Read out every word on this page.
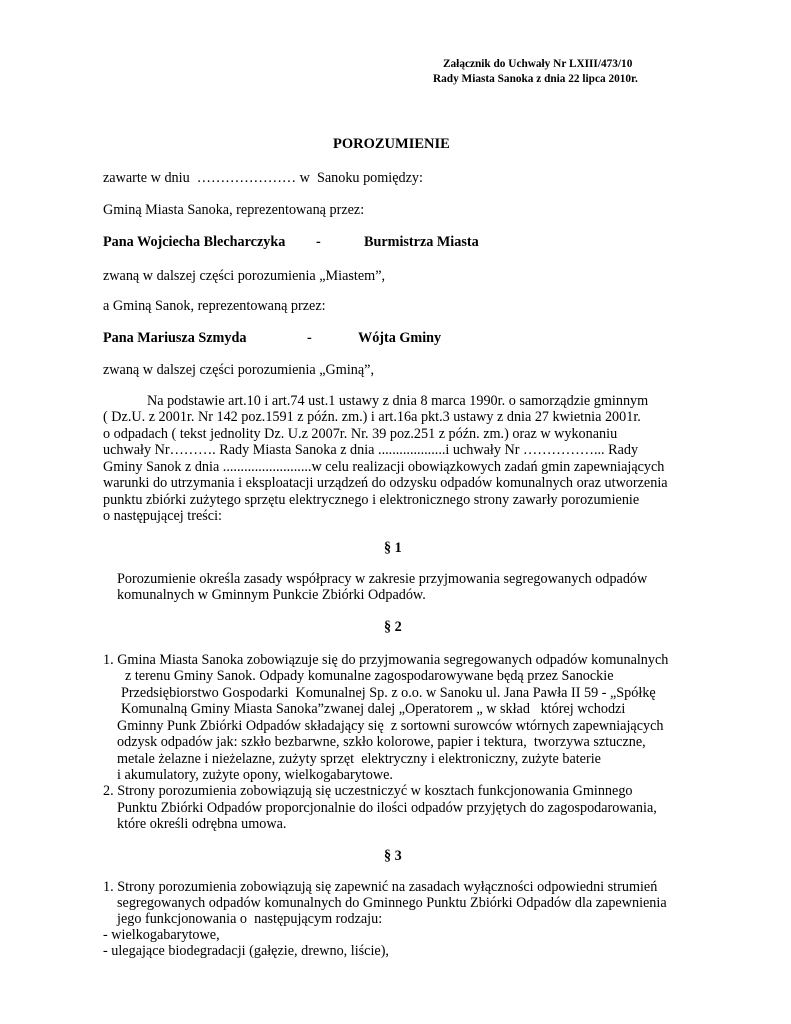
Załącznik do Uchwały Nr LXIII/473/10
Rady Miasta Sanoka z dnia 22 lipca 2010r.
POROZUMIENIE
zawarte w dniu  ………………… w  Sanoku pomiędzy:
Gminą Miasta Sanoka, reprezentowaną przez:
Pana Wojciecha Blecharczyka -	Burmistrza Miasta
zwaną w dalszej części porozumienia „Miastem”,
a Gminą Sanok, reprezentowaną przez:
Pana Mariusza Szmyda	-	Wójta Gminy
zwaną w dalszej części porozumienia „Gminą”,
Na podstawie art.10 i art.74 ust.1 ustawy z dnia 8 marca 1990r. o samorządzie gminnym
( Dz.U. z 2001r. Nr 142 poz.1591 z późn. zm.) i art.16a pkt.3 ustawy z dnia 27 kwietnia 2001r.
o odpadach ( tekst jednolity Dz. U.z 2007r. Nr. 39 poz.251 z późn. zm.) oraz w wykonaniu
uchwały Nr………. Rady Miasta Sanoka z dnia ...................i uchwały Nr ……………... Rady
Gminy Sanok z dnia .........................w celu realizacji obowiązkowych zadań gmin zapewniających
warunki do utrzymania i eksploatacji urządzeń do odzysku odpadów komunalnych oraz utworzenia
punktu zbiórki zużytego sprzętu elektrycznego i elektronicznego strony zawarły porozumienie
o następującej treści:
§ 1
Porozumienie określa zasady współpracy w zakresie przyjmowania segregowanych odpadów
komunalnych w Gminnym Punkcie Zbiórki Odpadów.
§ 2
1. Gmina Miasta Sanoka zobowiązuje się do przyjmowania segregowanych odpadów komunalnych
z terenu Gminy Sanok. Odpady komunalne zagospodarowywane będą przez Sanockie
Przedsiębiorstwo Gospodarki  Komunalnej Sp. z o.o. w Sanoku ul. Jana Pawła II 59 - „Spółkę
Komunalną Gminy Miasta Sanoka”zwanej dalej „Operatorem „ w skład   której wchodzi
Gminny Punk Zbiórki Odpadów składający się  z sortowni surowców wtórnych zapewniających
odzysk odpadów jak: szkło bezbarwne, szkło kolorowe, papier i tektura,  tworzywa sztuczne,
metale żelazne i nieżelazne, zużyty sprzęt  elektryczny i elektroniczny, zużyte baterie
i akumulatory, zużyte opony, wielkogabarytowe.
2. Strony porozumienia zobowiązują się uczestniczyć w kosztach funkcjonowania Gminnego
Punktu Zbiórki Odpadów proporcjonalnie do ilości odpadów przyjętych do zagospodarowania,
które określi odrębna umowa.
§ 3
1. Strony porozumienia zobowiązują się zapewnić na zasadach wyłączności odpowiedni strumień
segregowanych odpadów komunalnych do Gminnego Punktu Zbiórki Odpadów dla zapewnienia
jego funkcjonowania o  następującym rodzaju:
- wielkogabarytowe,
- ulegające biodegradacji (gałęzie, drewno, liście),
